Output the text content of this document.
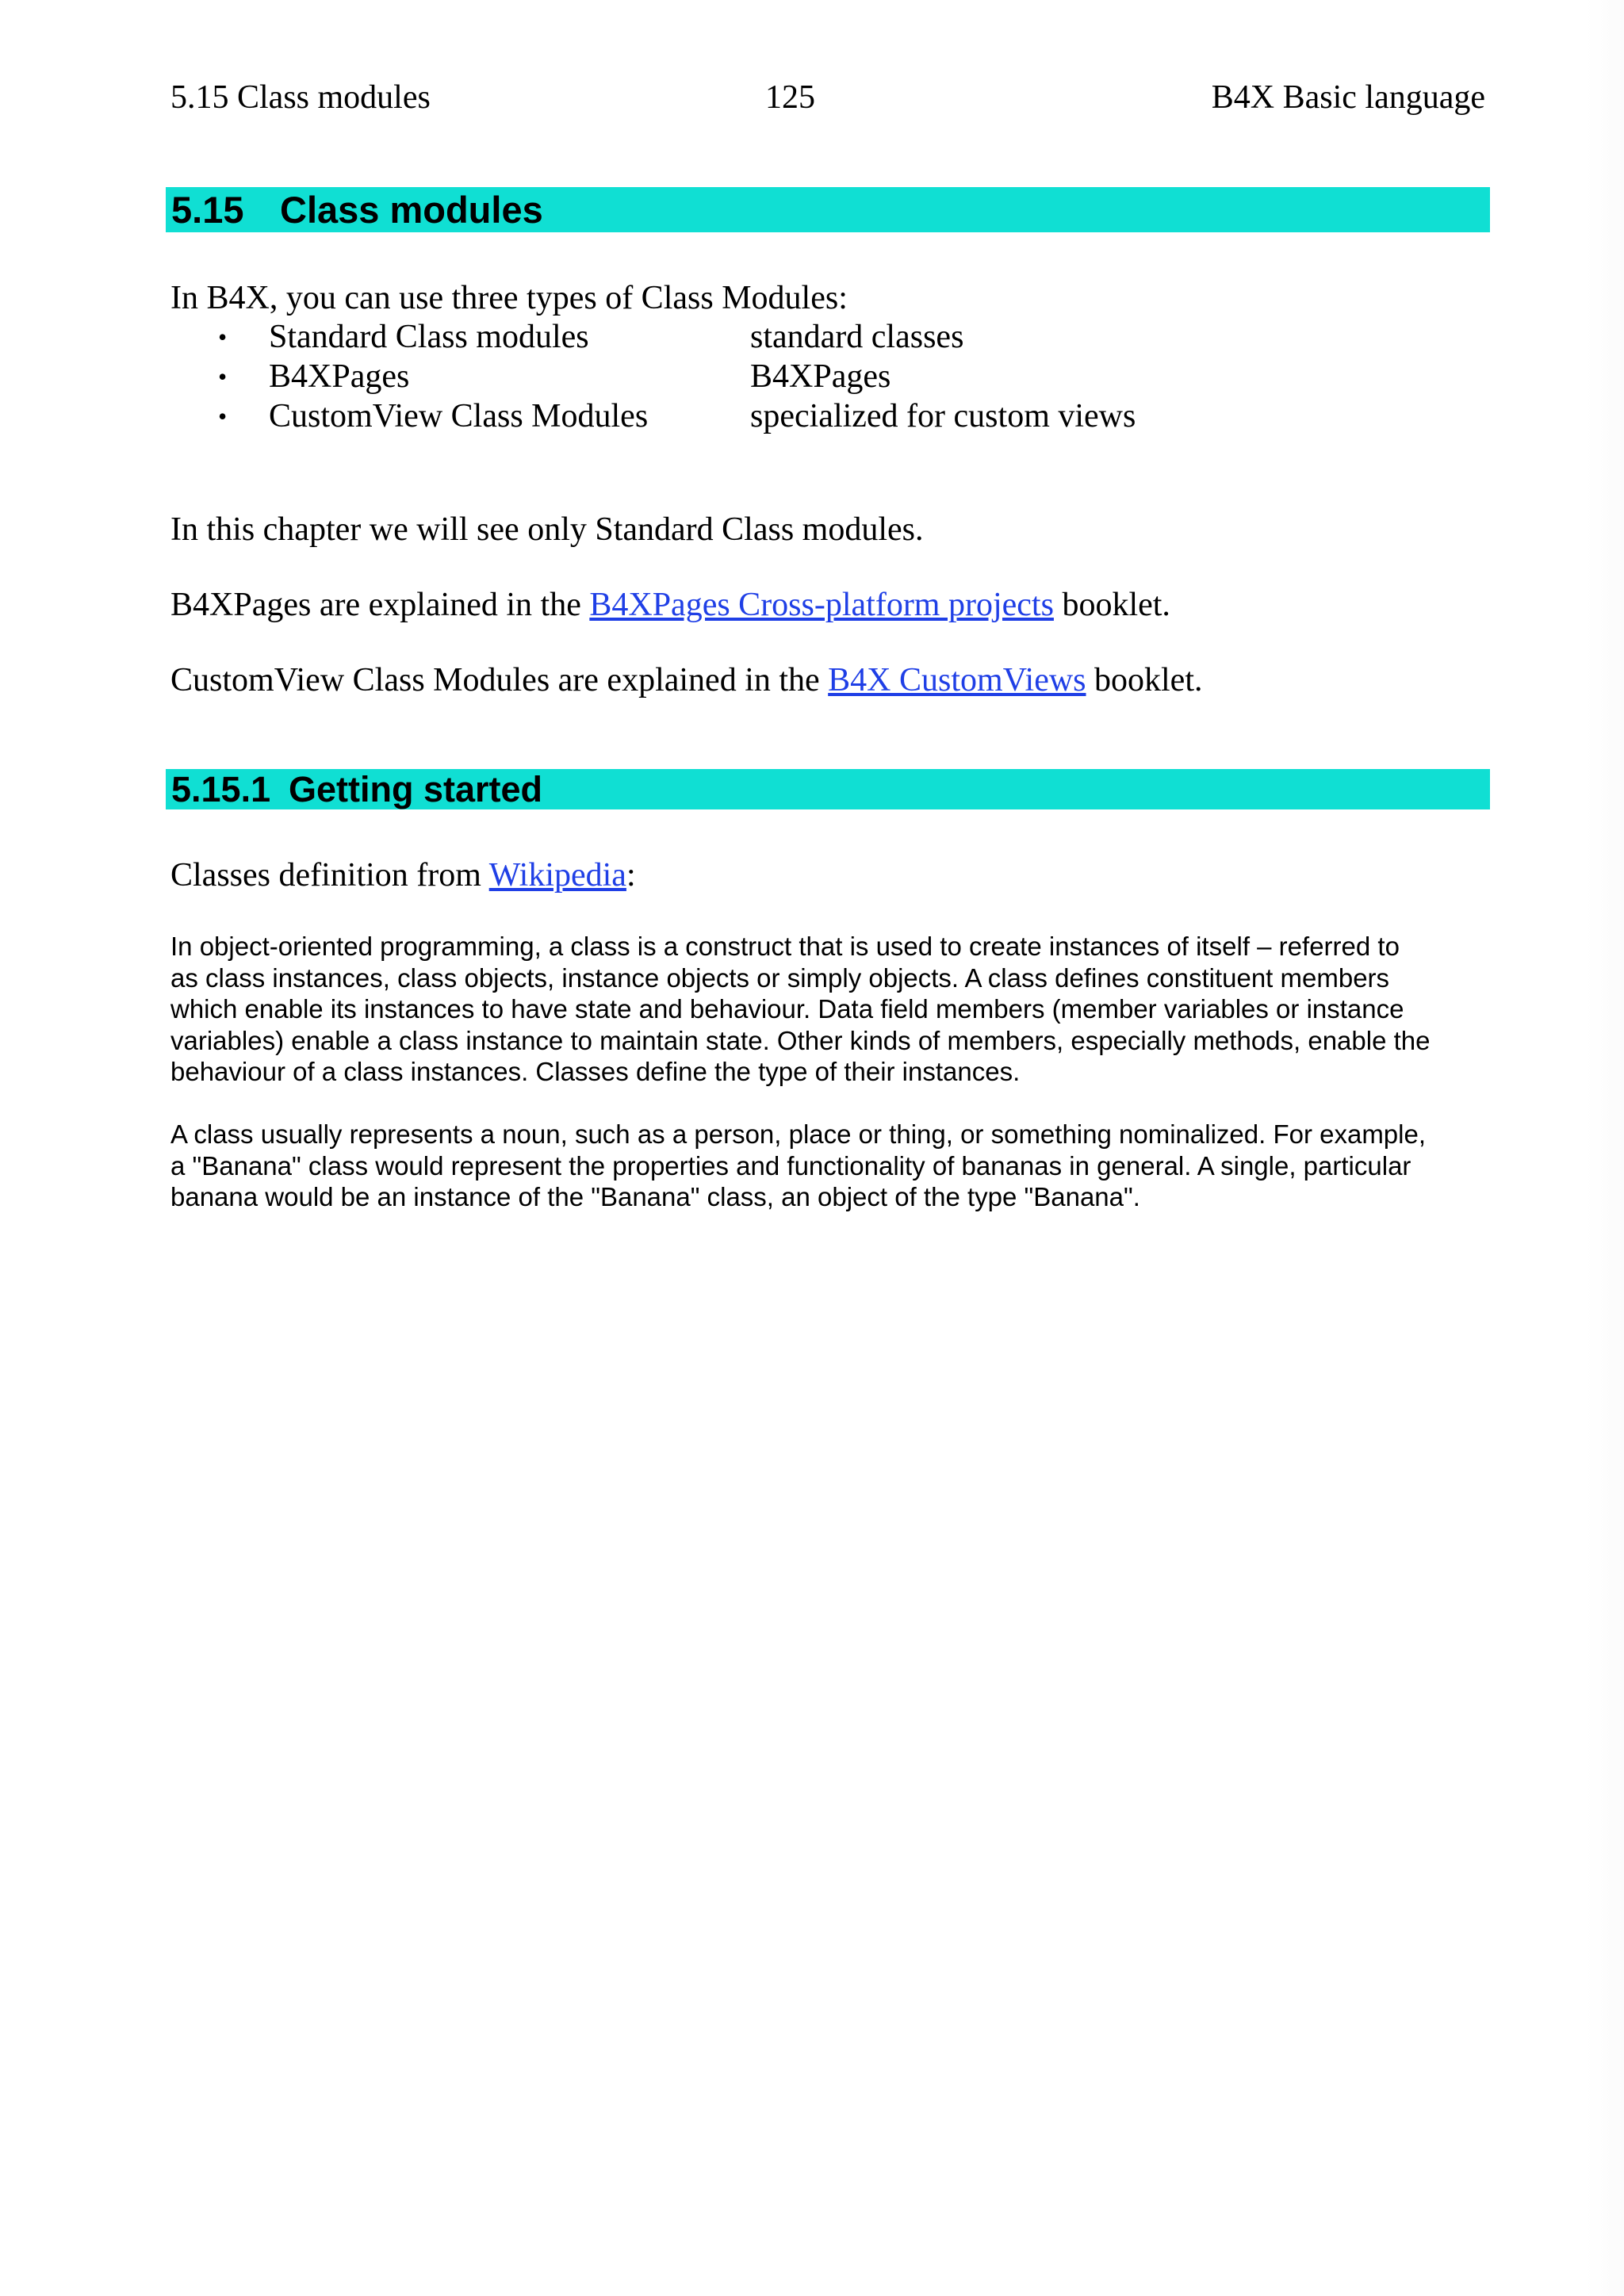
5.15 Class modules	125	B4X Basic language
5.15 Class modules
In B4X, you can use three types of Class Modules:
• Standard Class modules	standard classes
• B4XPages	B4XPages
• CustomView Class Modules	specialized for custom views
In this chapter we will see only Standard Class modules.
B4XPages are explained in the B4XPages Cross-platform projects booklet.
CustomView Class Modules are explained in the B4X CustomViews booklet.
5.15.1 Getting started
Classes definition from Wikipedia:
In object-oriented programming, a class is a construct that is used to create instances of itself – referred to
as class instances, class objects, instance objects or simply objects. A class defines constituent members
which enable its instances to have state and behaviour. Data field members (member variables or instance
variables) enable a class instance to maintain state. Other kinds of members, especially methods, enable the
behaviour of a class instances. Classes define the type of their instances.
A class usually represents a noun, such as a person, place or thing, or something nominalized. For example,
a "Banana" class would represent the properties and functionality of bananas in general. A single, particular
banana would be an instance of the "Banana" class, an object of the type "Banana".
